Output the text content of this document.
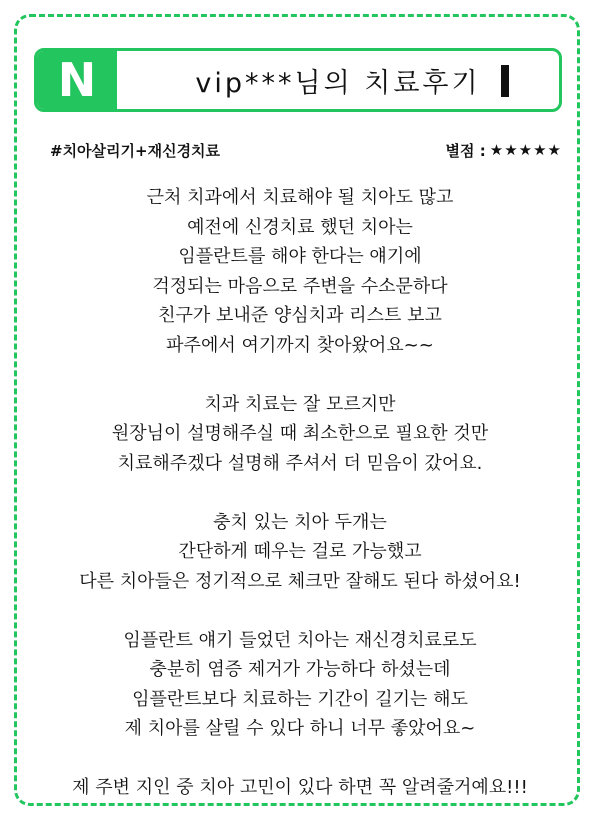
N	vip***님의 치료후기
#치아살리기+재신경치료	별점 : ★★★★★

근처 치과에서 치료해야 될 치아도 많고
예전에 신경치료 했던 치아는
임플란트를 해야 한다는 얘기에
걱정되는 마음으로 주변을 수소문하다
친구가 보내준 양심치과 리스트 보고
파주에서 여기까지 찾아왔어요~~

치과 치료는 잘 모르지만
원장님이 설명해주실 때 최소한으로 필요한 것만
치료해주겠다 설명해 주셔서 더 믿음이 갔어요.

충치 있는 치아 두개는
간단하게 떼우는 걸로 가능했고
다른 치아들은 정기적으로 체크만 잘해도 된다 하셨어요!

임플란트 얘기 들었던 치아는 재신경치료로도
충분히 염증 제거가 가능하다 하셨는데
임플란트보다 치료하는 기간이 길기는 해도
제 치아를 살릴 수 있다 하니 너무 좋았어요~

제 주변 지인 중 치아 고민이 있다 하면 꼭 알려줄거예요!!!
